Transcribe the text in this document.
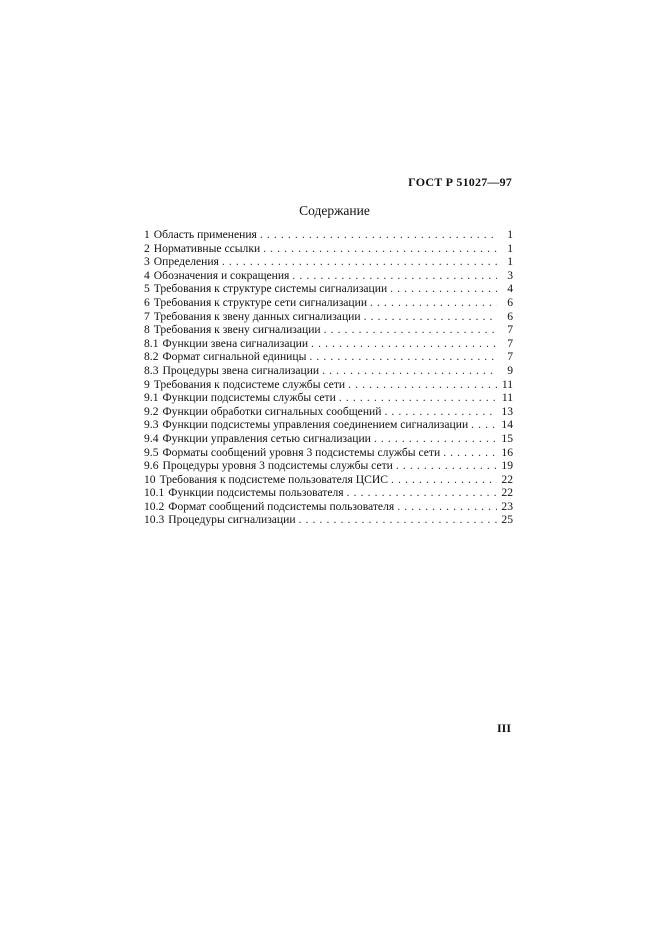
ГОСТ Р 51027—97
Содержание
1 Область применения . . .	1
2 Нормативные ссылки . . .	1
3 Определения . . .	1
4 Обозначения и сокращения . . .	3
5 Требования к структуре системы сигнализации . . .	4
6 Требования к структуре сети сигнализации . . .	6
7 Требования к звену данных сигнализации . . .	6
8 Требования к звену сигнализации . . .	7
8.1 Функции звена сигнализации . . .	7
8.2 Формат сигнальной единицы . . .	7
8.3 Процедуры звена сигнализации . . .	9
9 Требования к подсистеме службы сети . . .	11
9.1 Функции подсистемы службы сети . . .	11
9.2 Функции обработки сигнальных сообщений . . .	13
9.3 Функции подсистемы управления соединением сигнализации . . .	14
9.4 Функции управления сетью сигнализации . . .	15
9.5 Форматы сообщений уровня 3 подсистемы службы сети . . .	16
9.6 Процедуры уровня 3 подсистемы службы сети . . .	19
10 Требования к подсистеме пользователя ЦСИС . . .	22
10.1 Функции подсистемы пользователя . . .	22
10.2 Формат сообщений подсистемы пользователя . . .	23
10.3 Процедуры сигнализации . . .	25
III
